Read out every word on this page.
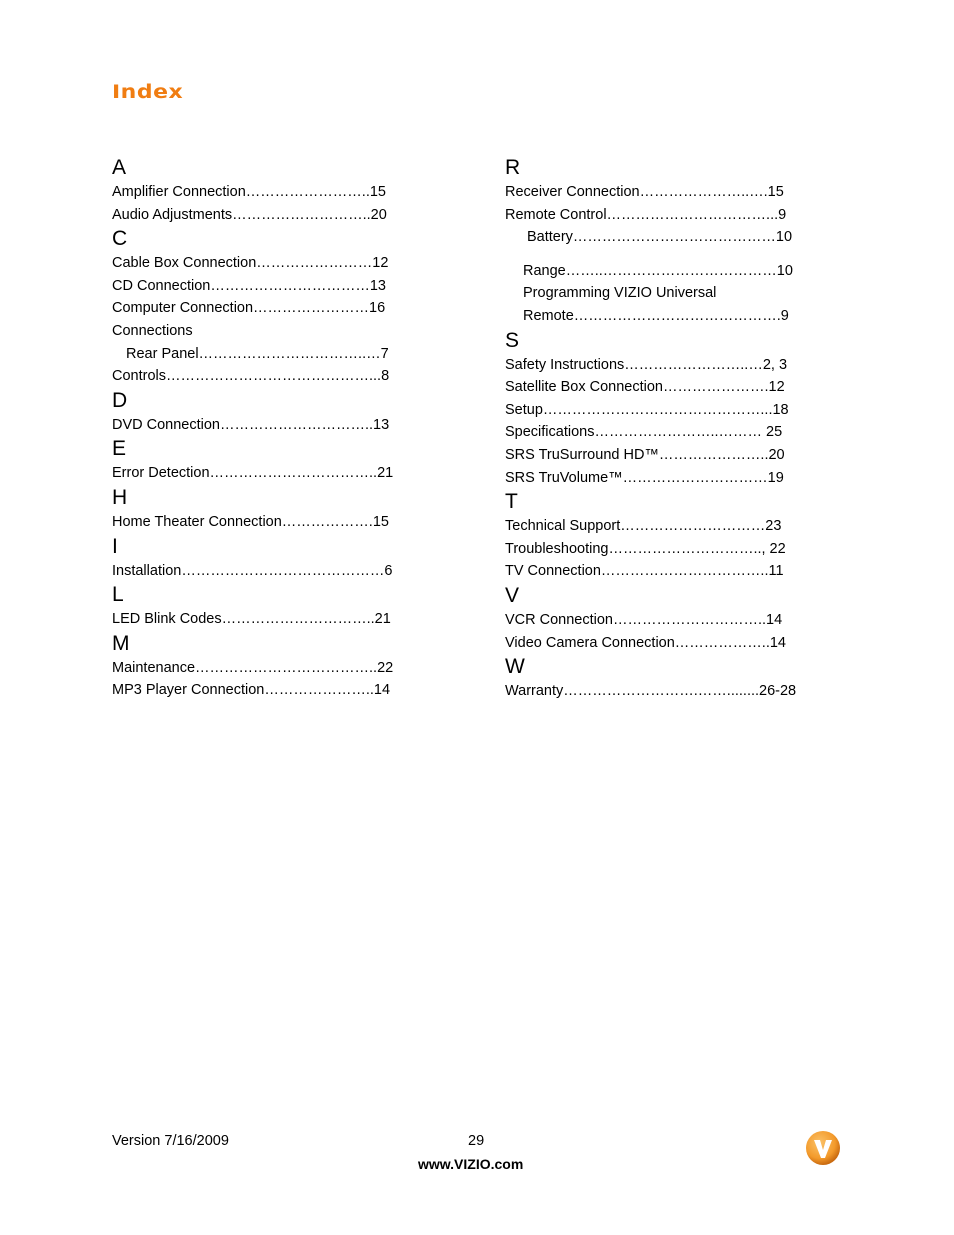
Index
A
Amplifier Connection……………………..15
Audio Adjustments………………………..20
C
Cable Box Connection……………………12
CD Connection……………………………13
Computer Connection……………………16
Connections
Rear Panel……………………………..…7
Controls……………………………………...8
D
DVD Connection…………………………..13
E
Error Detection……………………………..21
H
Home Theater Connection……………….15
I
Installation……………………………………6
L
LED Blink Codes…………………………..21
M
Maintenance………………………………..22
MP3 Player Connection…………………..14
R
Receiver Connection…………………..….15
Remote Control……………………………...9
Battery……………………………………10
Range……..………………………………10
Programming VIZIO Universal
Remote…………………………………….9
S
Safety Instructions……………………..…2, 3
Satellite Box Connection………………….12
Setup………………………………………...18
Specifications……………………..……… 25
SRS TruSurround HD™…………………..20
SRS TruVolume™…………………………19
T
Technical Support…………………………23
Troubleshooting………………………….., 22
TV Connection……………………………..11
V
VCR Connection…………………………..14
Video Camera Connection………………..14
W
Warranty……………………….……........26-28
Version 7/16/2009	29
www.VIZIO.com
